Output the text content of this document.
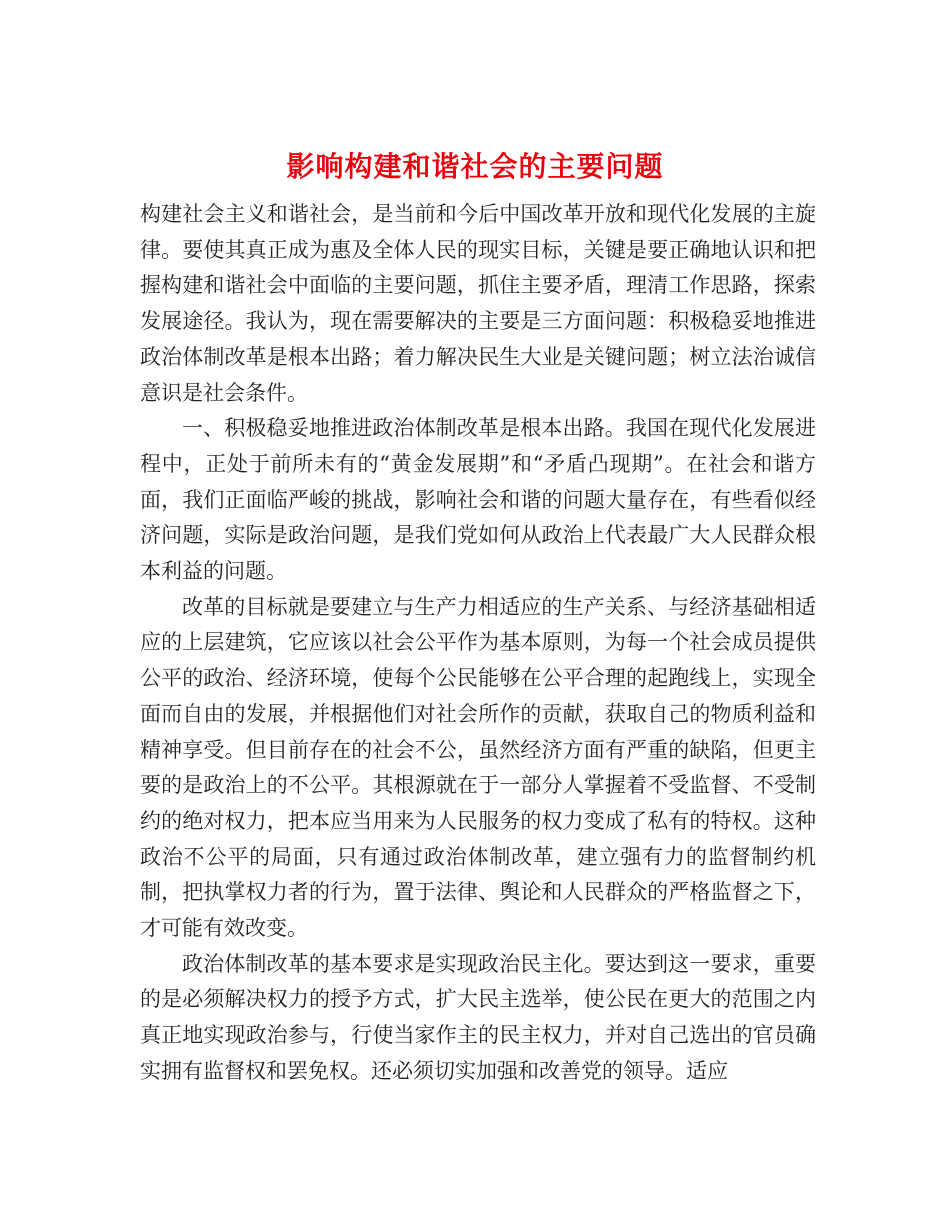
影响构建和谐社会的主要问题

构建社会主义和谐社会，是当前和今后中国改革开放和现代化发展的主旋律。要使其真正成为惠及全体人民的现实目标，关键是要正确地认识和把握构建和谐社会中面临的主要问题，抓住主要矛盾，理清工作思路，探索发展途径。我认为，现在需要解决的主要是三方面问题：积极稳妥地推进政治体制改革是根本出路；着力解决民生大业是关键问题；树立法治诚信意识是社会条件。

一、积极稳妥地推进政治体制改革是根本出路。我国在现代化发展进程中，正处于前所未有的“黄金发展期”和“矛盾凸现期”。在社会和谐方面，我们正面临严峻的挑战，影响社会和谐的问题大量存在，有些看似经济问题，实际是政治问题，是我们党如何从政治上代表最广大人民群众根本利益的问题。

改革的目标就是要建立与生产力相适应的生产关系、与经济基础相适应的上层建筑，它应该以社会公平作为基本原则，为每一个社会成员提供公平的政治、经济环境，使每个公民能够在公平合理的起跑线上，实现全面而自由的发展，并根据他们对社会所作的贡献，获取自己的物质利益和精神享受。但目前存在的社会不公，虽然经济方面有严重的缺陷，但更主要的是政治上的不公平。其根源就在于一部分人掌握着不受监督、不受制约的绝对权力，把本应当用来为人民服务的权力变成了私有的特权。这种政治不公平的局面，只有通过政治体制改革，建立强有力的监督制约机制，把执掌权力者的行为，置于法律、舆论和人民群众的严格监督之下，才可能有效改变。

政治体制改革的基本要求是实现政治民主化。要达到这一要求，重要的是必须解决权力的授予方式，扩大民主选举，使公民在更大的范围之内真正地实现政治参与，行使当家作主的民主权力，并对自己选出的官员确实拥有监督权和罢免权。还必须切实加强和改善党的领导。适应
